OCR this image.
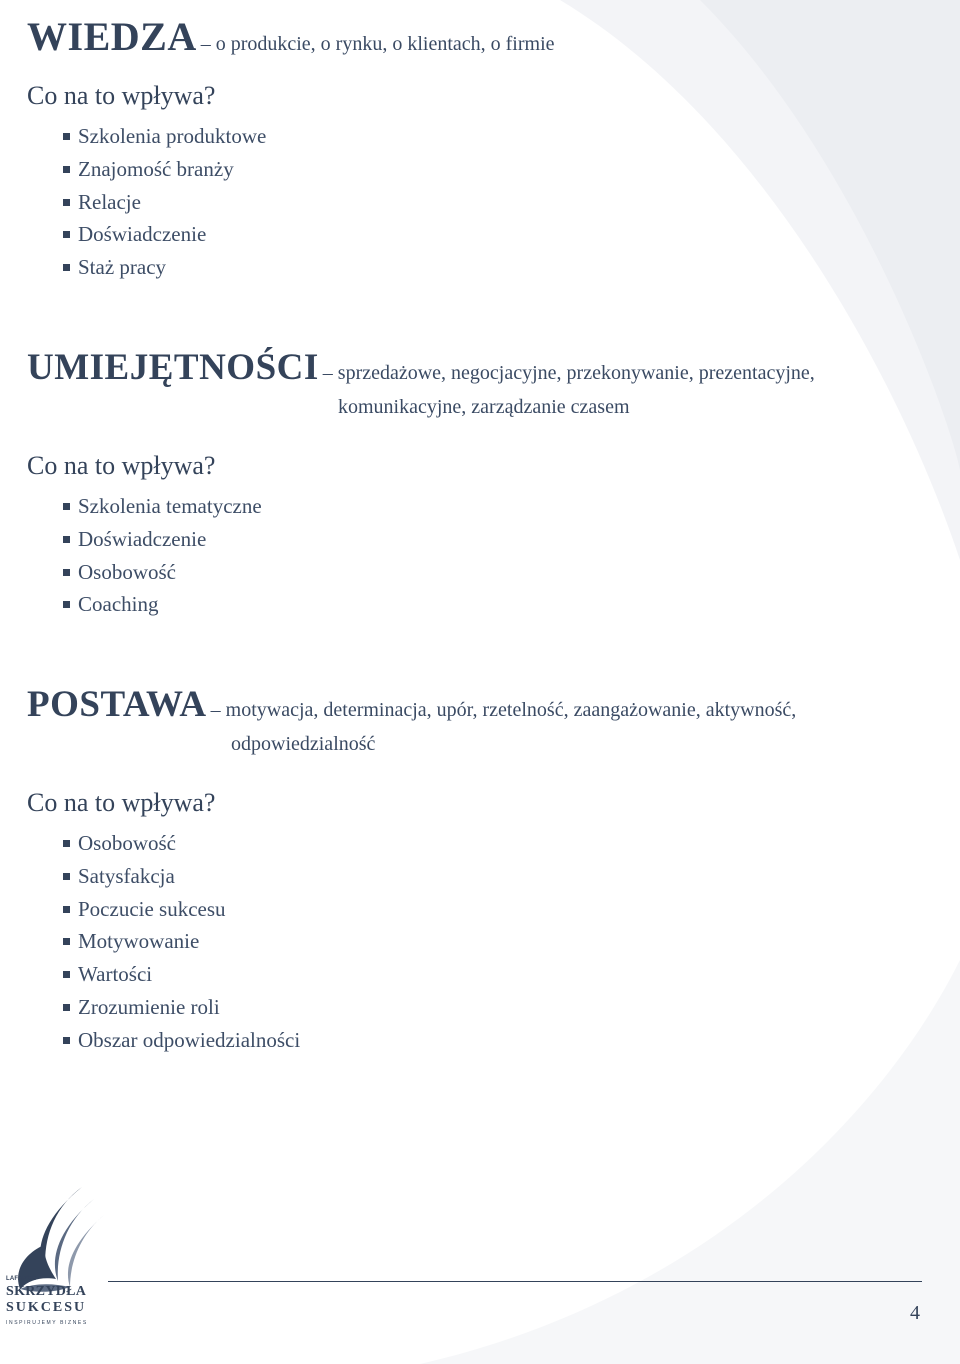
WIEDZA – o produkcie, o rynku, o klientach, o firmie
Co na to wpływa?
Szkolenia produktowe
Znajomość branży
Relacje
Doświadczenie
Staż pracy
UMIEJĘTNOŚCI – sprzedażowe, negocjacyjne, przekonywanie, prezentacyjne,
komunikacyjne, zarządzanie czasem
Co na to wpływa?
Szkolenia tematyczne
Doświadczenie
Osobowość
Coaching
POSTAWA – motywacja, determinacja, upór, rzetelność, zaangażowanie, aktywność,
odpowiedzialność
Co na to wpływa?
Osobowość
Satysfakcja
Poczucie sukcesu
Motywowanie
Wartości
Zrozumienie roli
Obszar odpowiedzialności
LAFARGE
SKRZYDŁA
SUKCESU
INSPIRUJEMY BIZNES	4
